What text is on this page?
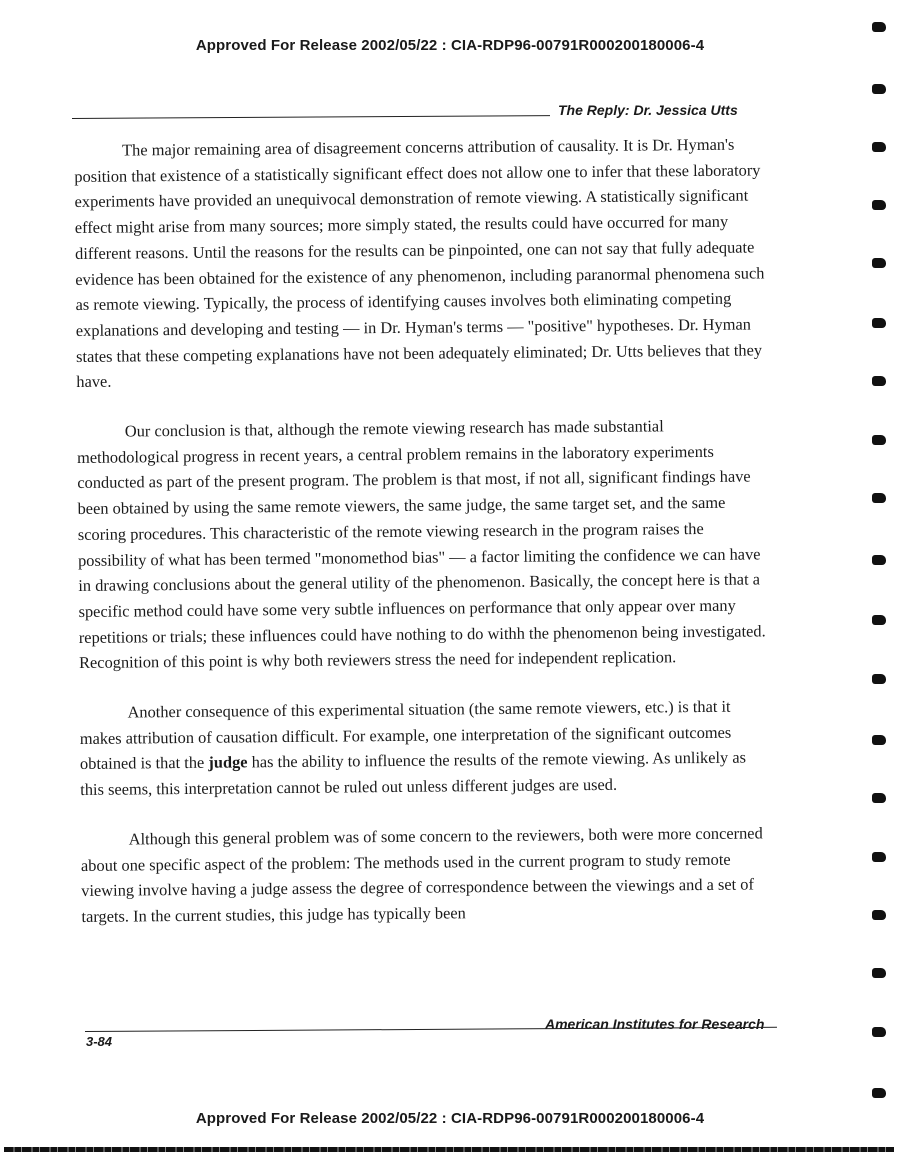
Approved For Release 2002/05/22 : CIA-RDP96-00791R000200180006-4
The Reply: Dr. Jessica Utts

The major remaining area of disagreement concerns attribution of causality. It is Dr. Hyman's position that existence of a statistically significant effect does not allow one to infer that these laboratory experiments have provided an unequivocal demonstration of remote viewing. A statistically significant effect might arise from many sources; more simply stated, the results could have occurred for many different reasons. Until the reasons for the results can be pinpointed, one can not say that fully adequate evidence has been obtained for the existence of any phenomenon, including paranormal phenomena such as remote viewing. Typically, the process of identifying causes involves both eliminating competing explanations and developing and testing — in Dr. Hyman's terms — "positive" hypotheses. Dr. Hyman states that these competing explanations have not been adequately eliminated; Dr. Utts believes that they have.

Our conclusion is that, although the remote viewing research has made substantial methodological progress in recent years, a central problem remains in the laboratory experiments conducted as part of the present program. The problem is that most, if not all, significant findings have been obtained by using the same remote viewers, the same judge, the same target set, and the same scoring procedures. This characteristic of the remote viewing research in the program raises the possibility of what has been termed "monomethod bias" — a factor limiting the confidence we can have in drawing conclusions about the general utility of the phenomenon. Basically, the concept here is that a specific method could have some very subtle influences on performance that only appear over many repetitions or trials; these influences could have nothing to do withh the phenomenon being investigated. Recognition of this point is why both reviewers stress the need for independent replication.

Another consequence of this experimental situation (the same remote viewers, etc.) is that it makes attribution of causation difficult. For example, one interpretation of the significant outcomes obtained is that the judge has the ability to influence the results of the remote viewing. As unlikely as this seems, this interpretation cannot be ruled out unless different judges are used.

Although this general problem was of some concern to the reviewers, both were more concerned about one specific aspect of the problem: The methods used in the current program to study remote viewing involve having a judge assess the degree of correspondence between the viewings and a set of targets. In the current studies, this judge has typically been

American Institutes for Research
3-84
Approved For Release 2002/05/22 : CIA-RDP96-00791R000200180006-4
